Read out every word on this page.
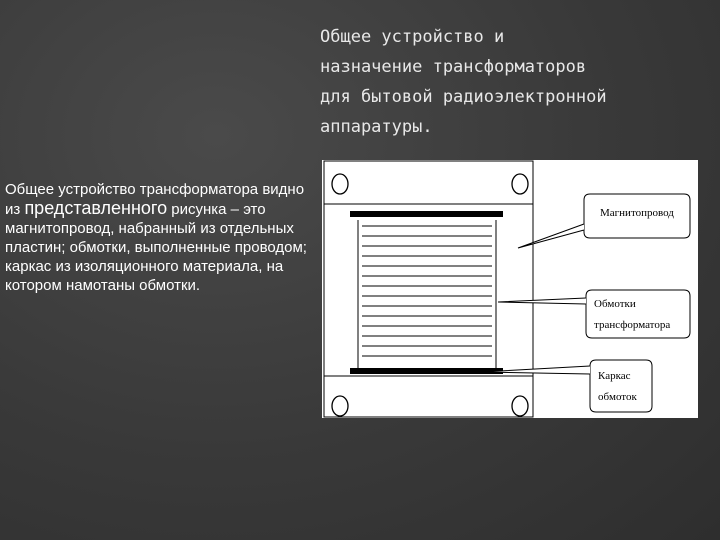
Общее устройство и
назначение трансформаторов
для бытовой радиоэлектронной
аппаратуры.
Общее устройство трансформатора видно из представленного рисунка – это магнитопровод, набранный из отдельных пластин; обмотки, выполненные проводом; каркас из изоляционного материала, на котором намотаны обмотки.
Магнитопровод
Обмотки
трансформатора
Каркас
обмоток
